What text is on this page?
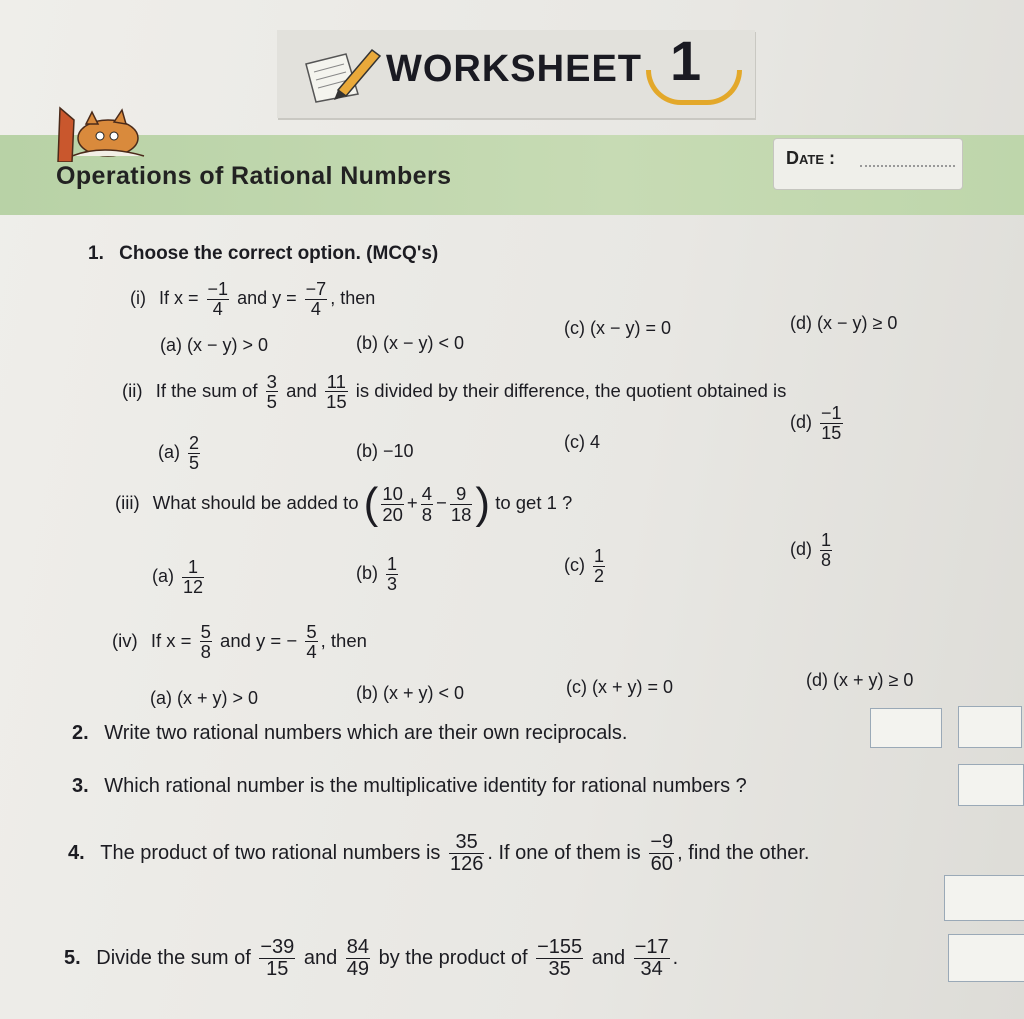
WORKSHEET 1
Operations of Rational Numbers
Date :
1. Choose the correct option. (MCQ's)
(i) If $x = \frac{-1}{4}$ and $y = \frac{-7}{4}$ , then
(a) (x − y) > 0	(b) (x − y) < 0
(c) (x − y) = 0	(d) (x − y) ≥ 0
(ii) If the sum of $\frac{3}{5}$ and $\frac{11}{15}$ is divided by their difference, the quotient obtained is
$(a) \frac{2}{5}$	(b) −10	(c) 4
$(d) \frac{-1}{15}$
(iii) What should be added to ( $\frac{10}{20} + \frac{4}{8} - \frac{9}{18}$ ) to get 1 ?
$(a) \frac{1}{12}$	$(b) \frac{1}{3}$	$(c) \frac{1}{2}$	$(d) \frac{1}{8}$
(iv) If $x = \frac{5}{8}$ and y = − $\frac{5}{4}$ , then
(a) (x + y) > 0	(b) (x + y) < 0	(c) (x + y) = 0	(d) (x + y) ≥ 0
2. Write two rational numbers which are their own reciprocals.
3. Which rational number is the multiplicative identity for rational numbers ?
4. The product of two rational numbers is $\frac{35}{126}$ . If one of them is $\frac{-9}{60}$ , find the other.
5. Divide the sum of $\frac{-39}{15}$ and $\frac{84}{49}$ by the product of $\frac{-155}{35}$ and $\frac{-17}{34}$ .
